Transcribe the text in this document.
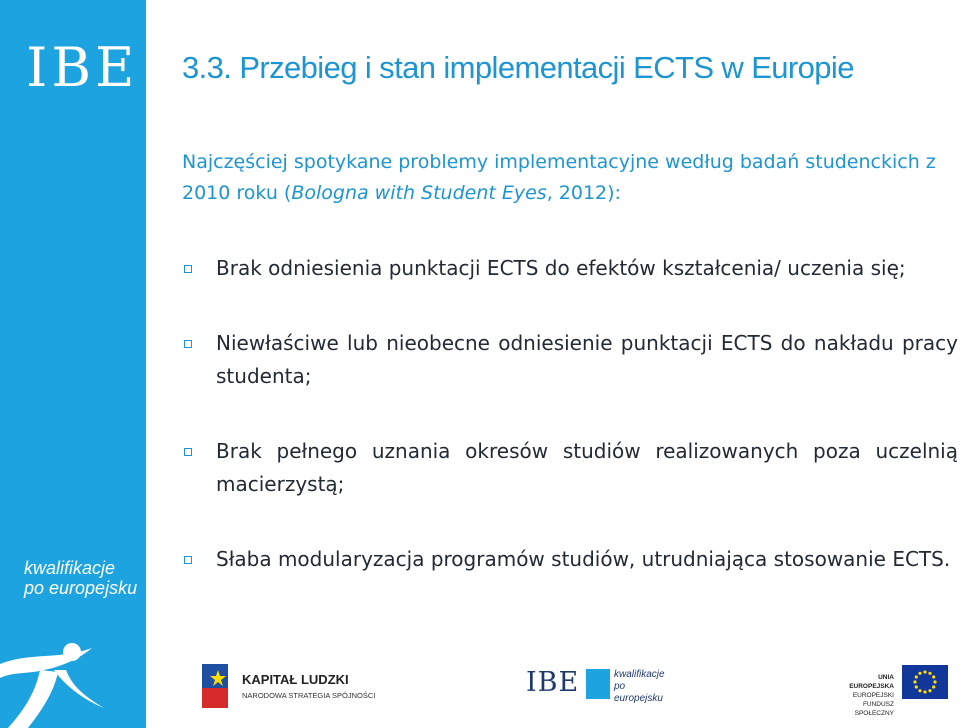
IBE
kwalifikacje
po europejsku
3.3. Przebieg i stan implementacji ECTS w Europie
Najczęściej spotykane problemy implementacyjne według badań studenckich z 2010 roku (Bologna with Student Eyes, 2012):
Brak odniesienia punktacji ECTS do efektów kształcenia/ uczenia się;
Niewłaściwe lub nieobecne odniesienie punktacji ECTS do nakładu pracy studenta;
Brak pełnego uznania okresów studiów realizowanych poza uczelnią macierzystą;
Słaba modularyzacja programów studiów, utrudniająca stosowanie ECTS.
KAPITAŁ LUDZKI
NARODOWA STRATEGIA SPÓJNOŚCI	IBE	kwalifikacje
po europejsku
UNIA EUROPEJSKA
EUROPEJSKI
FUNDUSZ SPOŁECZNY
